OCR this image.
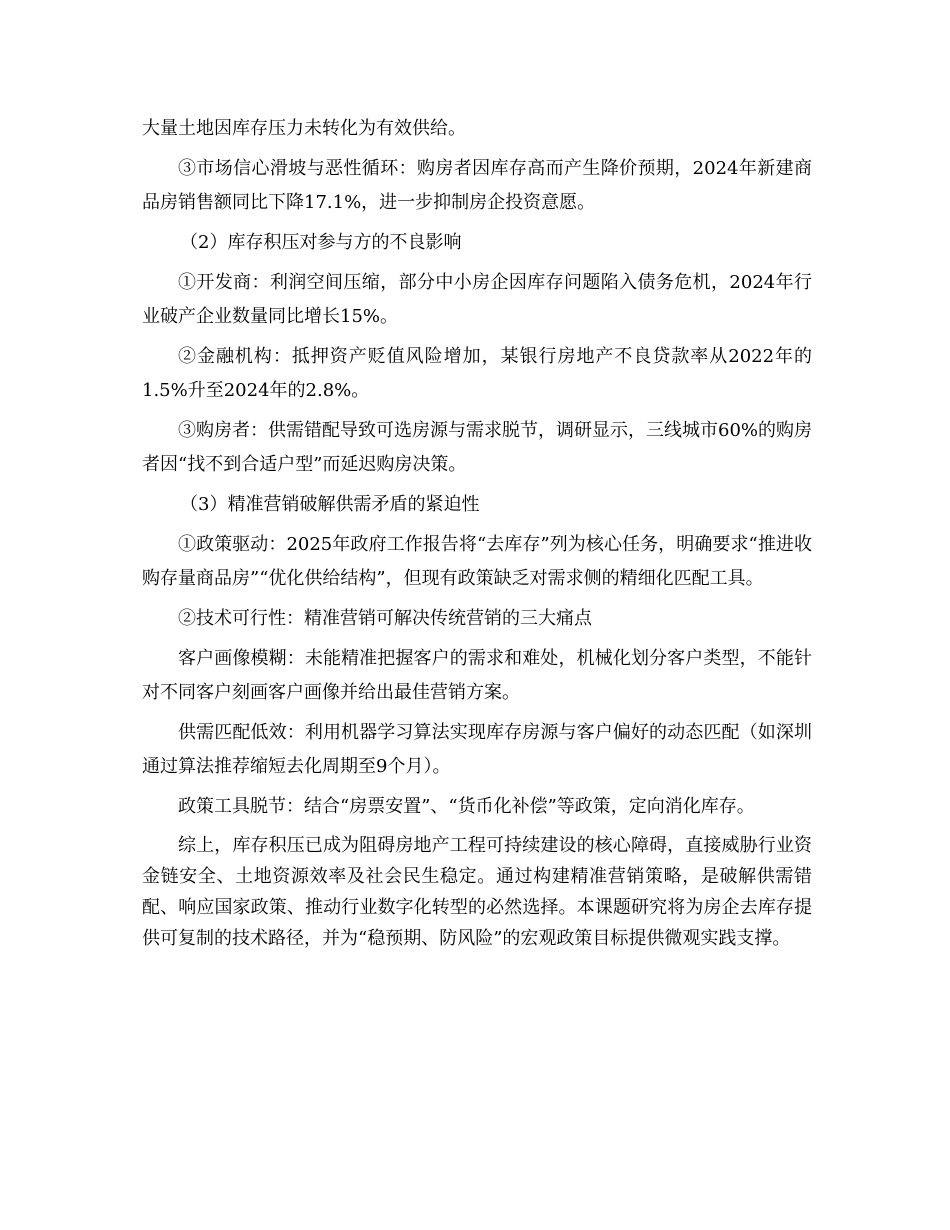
大量土地因库存压力未转化为有效供给。

③市场信心滑坡与恶性循环：购房者因库存高而产生降价预期，2024年新建商品房销售额同比下降17.1%，进一步抑制房企投资意愿。

（2）库存积压对参与方的不良影响

①开发商：利润空间压缩，部分中小房企因库存问题陷入债务危机，2024年行业破产企业数量同比增长15%。

②金融机构：抵押资产贬值风险增加，某银行房地产不良贷款率从2022年的1.5%升至2024年的2.8%。

③购房者：供需错配导致可选房源与需求脱节，调研显示，三线城市60%的购房者因“找不到合适户型”而延迟购房决策。

（3）精准营销破解供需矛盾的紧迫性

①政策驱动：2025年政府工作报告将“去库存”列为核心任务，明确要求“推进收购存量商品房”“优化供给结构”，但现有政策缺乏对需求侧的精细化匹配工具。

②技术可行性：精准营销可解决传统营销的三大痛点

客户画像模糊：未能精准把握客户的需求和难处，机械化划分客户类型，不能针对不同客户刻画客户画像并给出最佳营销方案。

供需匹配低效：利用机器学习算法实现库存房源与客户偏好的动态匹配（如深圳通过算法推荐缩短去化周期至9个月）。

政策工具脱节：结合“房票安置”、“货币化补偿”等政策，定向消化库存。

综上，库存积压已成为阻碍房地产工程可持续建设的核心障碍，直接威胁行业资金链安全、土地资源效率及社会民生稳定。通过构建精准营销策略，是破解供需错配、响应国家政策、推动行业数字化转型的必然选择。本课题研究将为房企去库存提供可复制的技术路径，并为“稳预期、防风险”的宏观政策目标提供微观实践支撑。
